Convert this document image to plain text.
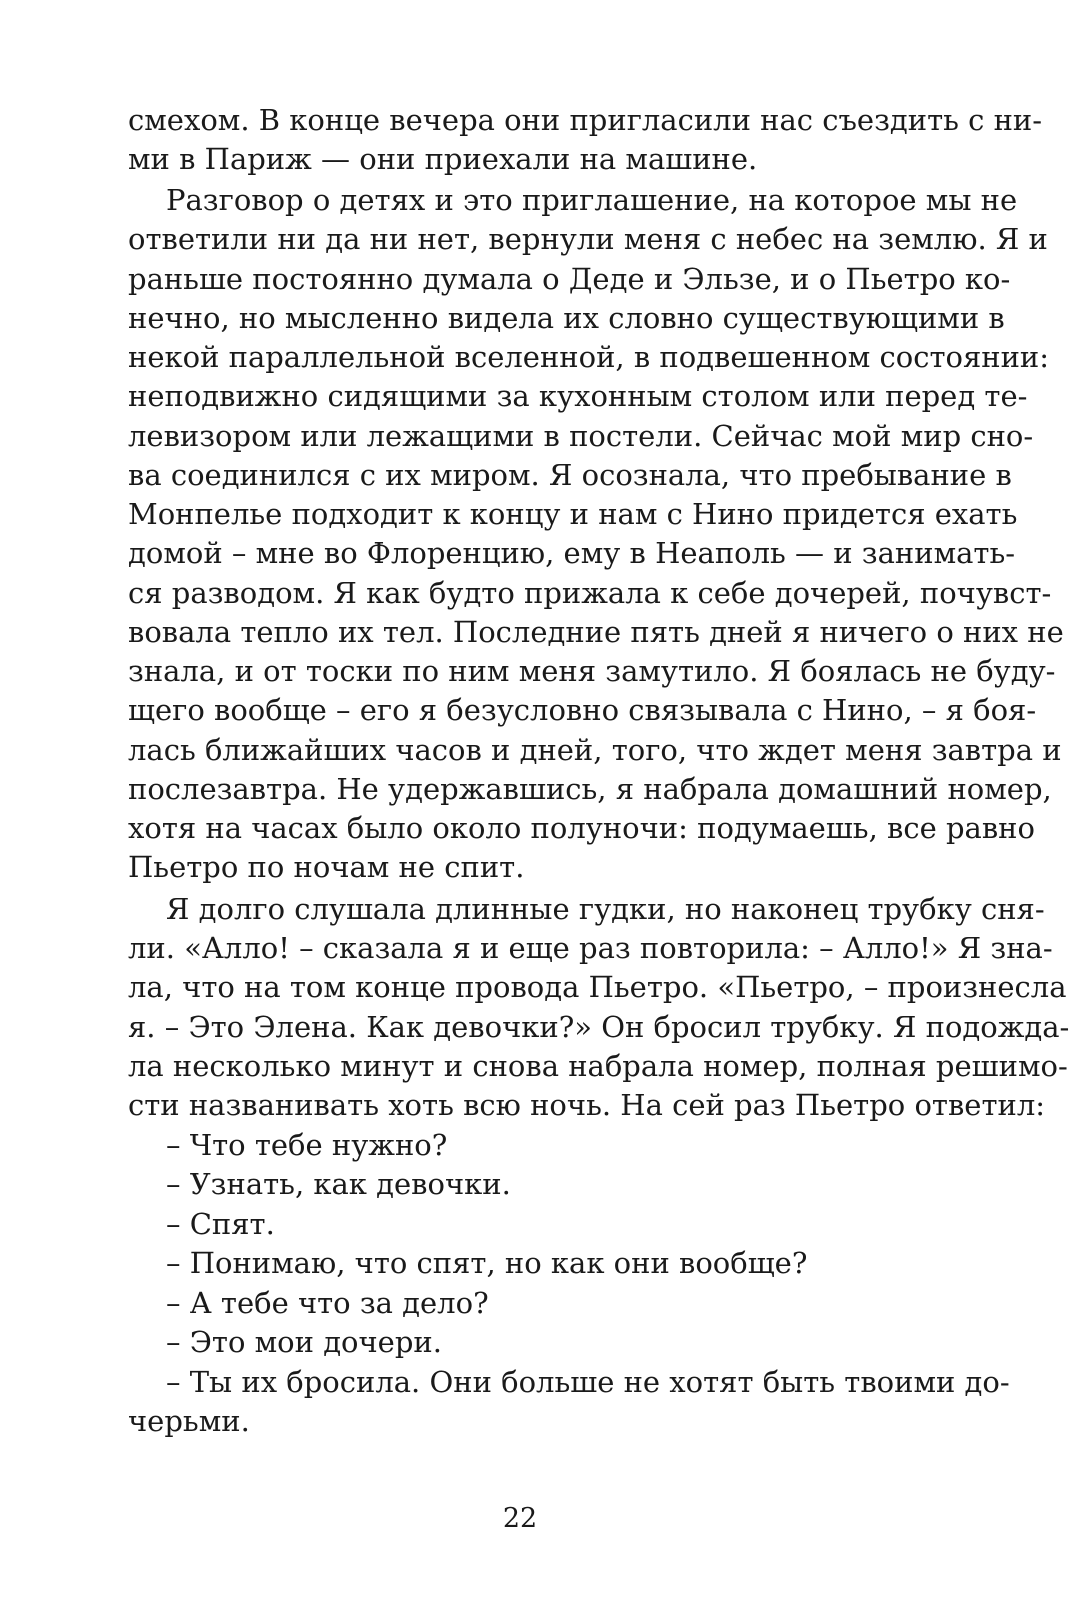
смехом. В конце вечера они пригласили нас съездить с ни-
ми в Париж — они приехали на машине.
Разговор о детях и это приглашение, на которое мы не
ответили ни да ни нет, вернули меня с небес на землю. Я и
раньше постоянно думала о Деде и Эльзе, и о Пьетро ко-
нечно, но мысленно видела их словно существующими в
некой параллельной вселенной, в подвешенном состоянии:
неподвижно сидящими за кухонным столом или перед те-
левизором или лежащими в постели. Сейчас мой мир сно-
ва соединился с их миром. Я осознала, что пребывание в
Монпелье подходит к концу и нам с Нино придется ехать
домой – мне во Флоренцию, ему в Неаполь — и занимать-
ся разводом. Я как будто прижала к себе дочерей, почувст-
вовала тепло их тел. Последние пять дней я ничего о них не
знала, и от тоски по ним меня замутило. Я боялась не буду-
щего вообще – его я безусловно связывала с Нино, – я боя-
лась ближайших часов и дней, того, что ждет меня завтра и
послезавтра. Не удержавшись, я набрала домашний номер,
хотя на часах было около полуночи: подумаешь, все равно
Пьетро по ночам не спит.
Я долго слушала длинные гудки, но наконец трубку сня-
ли. «Алло! – сказала я и еще раз повторила: – Алло!» Я зна-
ла, что на том конце провода Пьетро. «Пьетро, – произнесла
я. – Это Элена. Как девочки?» Он бросил трубку. Я подожда-
ла несколько минут и снова набрала номер, полная решимо-
сти названивать хоть всю ночь. На сей раз Пьетро ответил:
– Что тебе нужно?
– Узнать, как девочки.
– Спят.
– Понимаю, что спят, но как они вообще?
– А тебе что за дело?
– Это мои дочери.
– Ты их бросила. Они больше не хотят быть твоими до-
черьми.
22
